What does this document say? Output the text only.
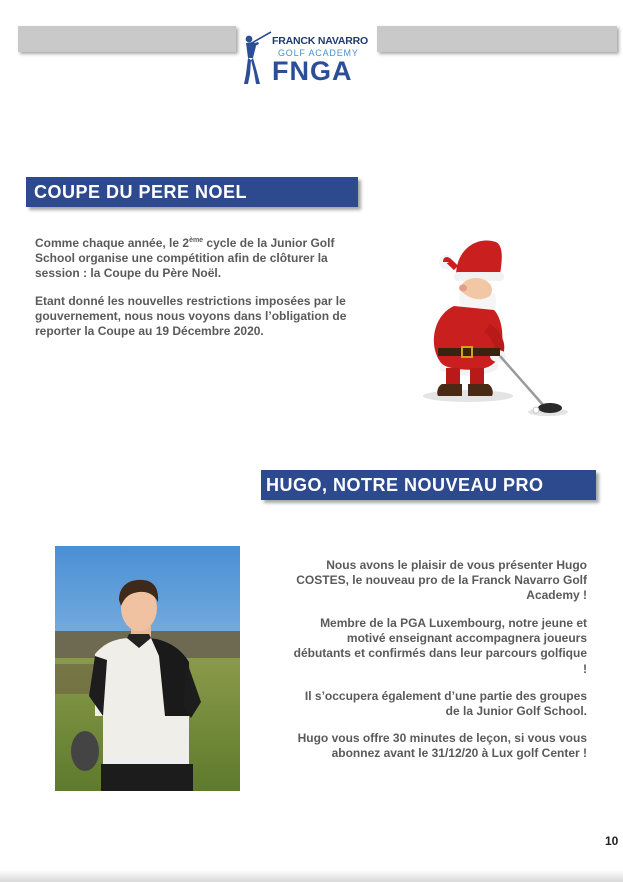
FRANCK NAVARRO
GOLF ACADEMY
FNGA
COUPE DU PERE NOEL

Comme chaque année, le 2ème cycle de la Junior Golf School organise une compétition afin de clôturer la session : la Coupe du Père Noël.

Etant donné les nouvelles restrictions imposées par le gouvernement, nous nous voyons dans l’obligation de reporter la Coupe au 19 Décembre 2020.

HUGO, NOTRE NOUVEAU PRO

Nous avons le plaisir de vous présenter Hugo COSTES, le nouveau pro de la Franck Navarro Golf Academy !

Membre de la PGA Luxembourg, notre jeune et motivé enseignant accompagnera joueurs débutants et confirmés dans leur parcours golfique !

Il s’occupera également d’une partie des groupes de la Junior Golf School.

Hugo vous offre 30 minutes de leçon, si vous vous abonnez avant le 31/12/20 à Lux golf Center !

10
